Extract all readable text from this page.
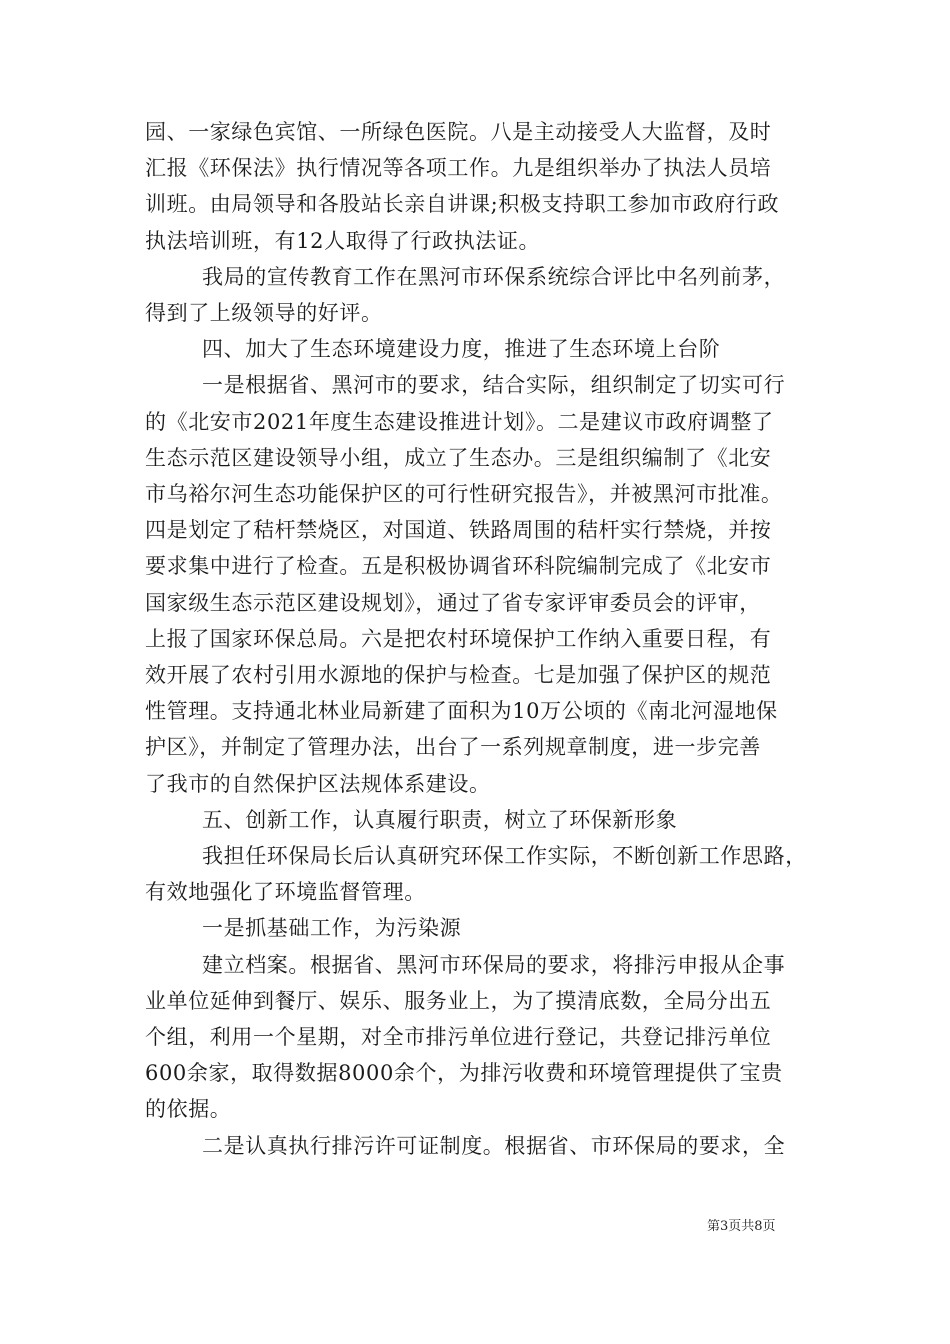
园、一家绿色宾馆、一所绿色医院。八是主动接受人大监督，及时
汇报《环保法》执行情况等各项工作。九是组织举办了执法人员培
训班。由局领导和各股站长亲自讲课;积极支持职工参加市政府行政
执法培训班，有12人取得了行政执法证。
我局的宣传教育工作在黑河市环保系统综合评比中名列前茅，
得到了上级领导的好评。
四、加大了生态环境建设力度，推进了生态环境上台阶
一是根据省、黑河市的要求，结合实际，组织制定了切实可行
的《北安市2021年度生态建设推进计划》。二是建议市政府调整了
生态示范区建设领导小组，成立了生态办。三是组织编制了《北安
市乌裕尔河生态功能保护区的可行性研究报告》，并被黑河市批准。
四是划定了秸杆禁烧区，对国道、铁路周围的秸杆实行禁烧，并按
要求集中进行了检查。五是积极协调省环科院编制完成了《北安市
国家级生态示范区建设规划》，通过了省专家评审委员会的评审，
上报了国家环保总局。六是把农村环境保护工作纳入重要日程，有
效开展了农村引用水源地的保护与检查。七是加强了保护区的规范
性管理。支持通北林业局新建了面积为10万公顷的《南北河湿地保
护区》，并制定了管理办法，出台了一系列规章制度，进一步完善
了我市的自然保护区法规体系建设。
五、创新工作，认真履行职责，树立了环保新形象
我担任环保局长后认真研究环保工作实际，不断创新工作思路，
有效地强化了环境监督管理。
一是抓基础工作，为污染源
建立档案。根据省、黑河市环保局的要求，将排污申报从企事
业单位延伸到餐厅、娱乐、服务业上，为了摸清底数，全局分出五
个组，利用一个星期，对全市排污单位进行登记，共登记排污单位
600余家，取得数据8000余个，为排污收费和环境管理提供了宝贵
的依据。
二是认真执行排污许可证制度。根据省、市环保局的要求，全
第3页共8页
